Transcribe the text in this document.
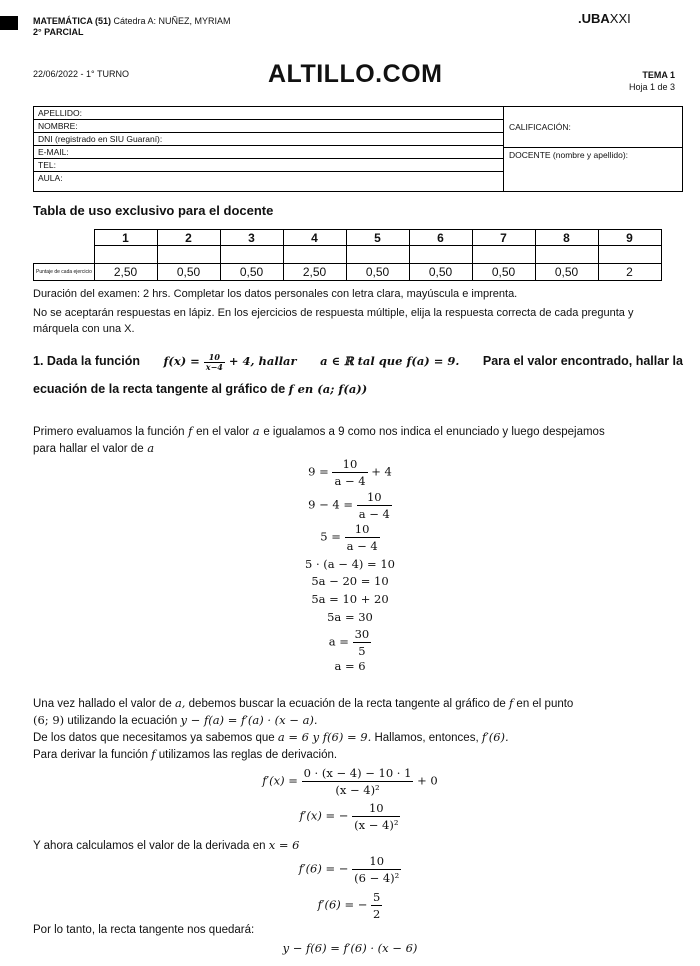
MATEMÁTICA (51) Cátedra A: NUÑEZ, MYRIAM
2° PARCIAL
.UBAXXI
22/06/2022 - 1° TURNO	ALTILLO.COM	TEMA 1
Hoja 1 de 3
APELLIDO:
NOMBRE:
DNI (registrado en SIU Guaraní):
E-MAIL:
TEL:
AULA:
CALIFICACIÓN:
DOCENTE (nombre y apellido):
Tabla de uso exclusivo para el docente
	1	2	3	4	5	6	7	8	9

Puntaje de cada ejercicio	2,50	0,50	0,50	2,50	0,50	0,50	0,50	0,50	2
Duración del examen: 2 hrs. Completar los datos personales con letra clara, mayúscula e imprenta.
No se aceptarán respuestas en lápiz. En los ejercicios de respuesta múltiple, elija la respuesta correcta de cada pregunta y márquela con una X.
1. Dada la función $f(x) = \frac{10}{x-4} + 4$, hallar a ∈ ℝ tal que f(a) = 9. Para el valor encontrado, hallar la
ecuación de la recta tangente al gráfico de f en (a; f(a))
Primero evaluamos la función f en el valor a e igualamos a 9 como nos indica el enunciado y luego despejamos
para hallar el valor de a
$9 = \frac{10}{a - 4} + 4$
$9 - 4 = \frac{10}{a - 4}$
$5 = \frac{10}{a - 4}$
5 · (a − 4) = 10
5a − 20 = 10
5a = 10 + 20
5a = 30
$a = \frac{30}{5}$
a = 6
Una vez hallado el valor de a, debemos buscar la ecuación de la recta tangente al gráfico de f en el punto
(6; 9) utilizando la ecuación y − f(a) = f′(a) · (x − a).
De los datos que necesitamos ya sabemos que a = 6 y f(6) = 9. Hallamos, entonces, f′(6).
Para derivar la función f utilizamos las reglas de derivación.
$f'(x) = \frac{0 \cdot (x - 4) - 10 \cdot 1}{\text{(x − 4)²}} + 0$
f′(x) = − $\frac{10}{\text{(x − 4)²}}$
Y ahora calculamos el valor de la derivada en x = 6
f′(6) = − $\frac{10}{\text{(6 − 4)²}}$
f′(6) = − $\frac{5}{2}$
Por lo tanto, la recta tangente nos quedará:
y − f(6) = f′(6) · (x − 6)
